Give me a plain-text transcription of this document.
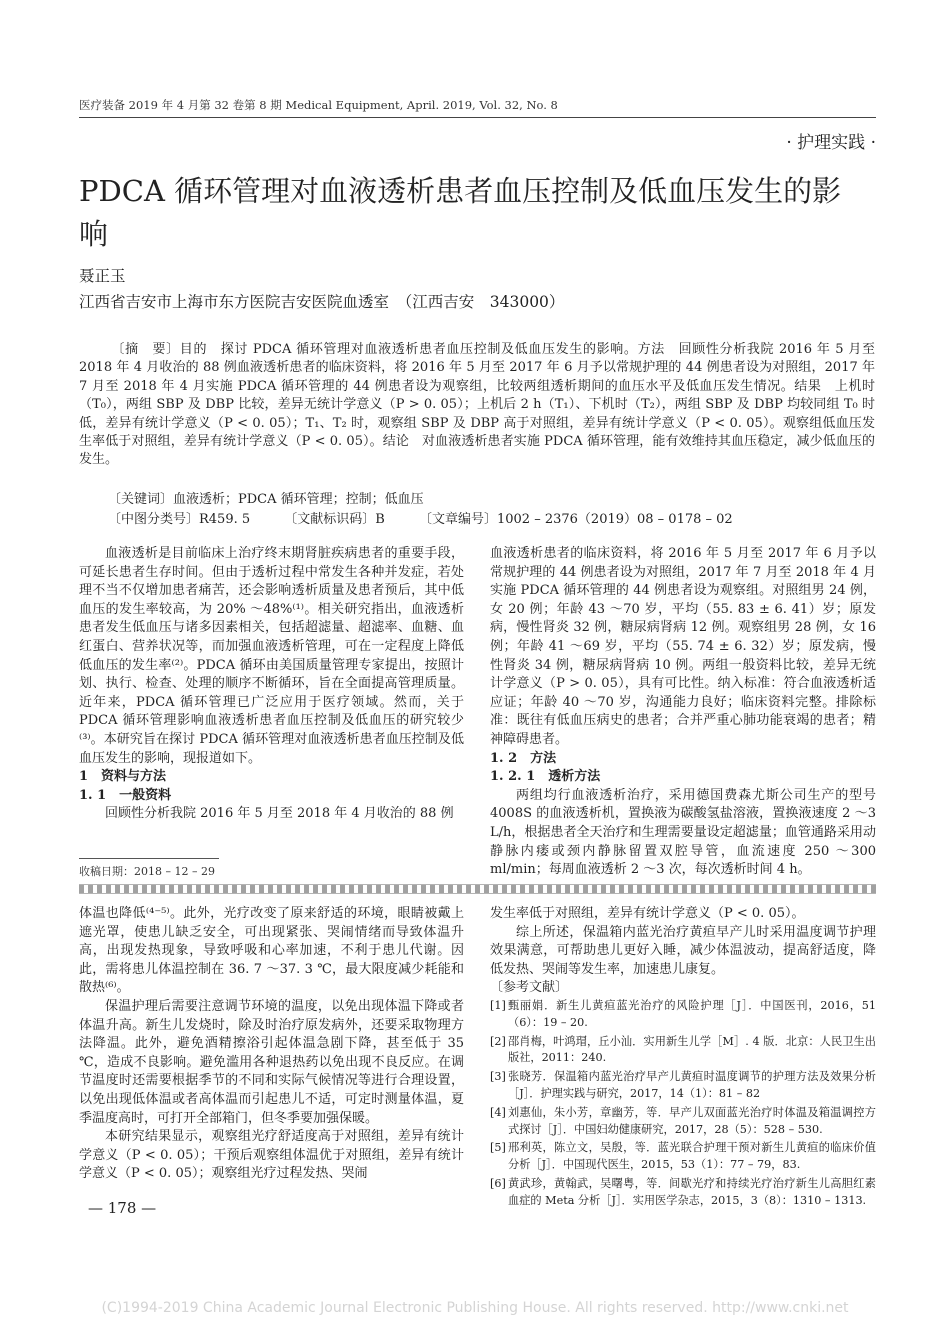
医疗装备 2019 年 4 月第 32 卷第 8 期 Medical Equipment, April. 2019, Vol. 32, No. 8
· 护理实践 ·
PDCA 循环管理对血液透析患者血压控制及低血压发生的影响
聂正玉
江西省吉安市上海市东方医院吉安医院血透室　（江西吉安　343000）

〔摘　要〕目的　探讨 PDCA 循环管理对血液透析患者血压控制及低血压发生的影响。方法　回顾性分析我院 2016 年 5 月至 2018 年 4 月收治的 88 例血液透析患者的临床资料，将 2016 年 5 月至 2017 年 6 月予以常规护理的 44 例患者设为对照组，2017 年 7 月至 2018 年 4 月实施 PDCA 循环管理的 44 例患者设为观察组，比较两组透析期间的血压水平及低血压发生情况。结果　上机时（T₀），两组 SBP 及 DBP 比较，差异无统计学意义（P > 0. 05）；上机后 2 h（T₁）、下机时（T₂），两组 SBP 及 DBP 均较同组 T₀ 时低，差异有统计学意义（P < 0. 05）；T₁、T₂ 时，观察组 SBP 及 DBP 高于对照组，差异有统计学意义（P < 0. 05）。观察组低血压发生率低于对照组，差异有统计学意义（P < 0. 05）。结论　对血液透析患者实施 PDCA 循环管理，能有效维持其血压稳定，减少低血压的发生。

〔关键词〕血液透析；PDCA 循环管理；控制；低血压
〔中图分类号〕R459. 5	〔文献标识码〕B	〔文章编号〕1002 – 2376（2019）08 – 0178 – 02

血液透析是目前临床上治疗终末期肾脏疾病患者的重要手段，可延长患者生存时间。但由于透析过程中常发生各种并发症，若处理不当不仅增加患者痛苦，还会影响透析质量及患者预后，其中低血压的发生率较高，为 20% ～48%⁽¹⁾。相关研究指出，血液透析患者发生低血压与诸多因素相关，包括超滤量、超滤率、血糖、血红蛋白、营养状况等，而加强血液透析管理，可在一定程度上降低低血压的发生率⁽²⁾。PDCA 循环由美国质量管理专家提出，按照计划、执行、检查、处理的顺序不断循环，旨在全面提高管理质量。近年来，PDCA 循环管理已广泛应用于医疗领域。然而，关于 PDCA 循环管理影响血液透析患者血压控制及低血压的研究较少⁽³⁾。本研究旨在探讨 PDCA 循环管理对血液透析患者血压控制及低血压发生的影响，现报道如下。

1　资料与方法

1. 1　一般资料

回顾性分析我院 2016 年 5 月至 2018 年 4 月收治的 88 例

血液透析患者的临床资料，将 2016 年 5 月至 2017 年 6 月予以常规护理的 44 例患者设为对照组，2017 年 7 月至 2018 年 4 月实施 PDCA 循环管理的 44 例患者设为观察组。对照组男 24 例，女 20 例；年龄 43 ～70 岁，平均（55. 83 ± 6. 41）岁；原发病，慢性肾炎 32 例，糖尿病肾病 12 例。观察组男 28 例，女 16 例；年龄 41 ～69 岁，平均（55. 74 ± 6. 32）岁；原发病，慢性肾炎 34 例，糖尿病肾病 10 例。两组一般资料比较，差异无统计学意义（P > 0. 05），具有可比性。纳入标准：符合血液透析适应证；年龄 40 ～70 岁，沟通能力良好；临床资料完整。排除标准：既往有低血压病史的患者；合并严重心肺功能衰竭的患者；精神障碍患者。

1. 2　方法

1. 2. 1　透析方法

两组均行血液透析治疗，采用德国费森尤斯公司生产的型号 4008S 的血液透析机，置换液为碳酸氢盐溶液，置换液速度 2 ～3 L/h，根据患者全天治疗和生理需要量设定超滤量；血管通路采用动静脉内瘘或颈内静脉留置双腔导管，血流速度 250 ～300 ml/min；每周血液透析 2 ～3 次，每次透析时间 4 h。

收稿日期：2018 – 12 – 29

体温也降低⁽⁴⁻⁵⁾。此外，光疗改变了原来舒适的环境，眼睛被戴上遮光罩，使患儿缺乏安全，可出现紧张、哭闹情绪而导致体温升高，出现发热现象，导致呼吸和心率加速，不利于患儿代谢。因此，需将患儿体温控制在 36. 7 ～37. 3 ℃，最大限度减少耗能和散热⁽⁶⁾。

保温护理后需要注意调节环境的温度，以免出现体温下降或者体温升高。新生儿发烧时，除及时治疗原发病外，还要采取物理方法降温。此外，避免酒精擦浴引起体温急剧下降，甚至低于 35 ℃，造成不良影响。避免滥用各种退热药以免出现不良反应。在调节温度时还需要根据季节的不同和实际气候情况等进行合理设置，以免出现低体温或者高体温而引起患儿不适，可定时测量体温，夏季温度高时，可打开全部箱门，但冬季要加强保暖。

本研究结果显示，观察组光疗舒适度高于对照组，差异有统计学意义（P < 0. 05）；干预后观察组体温优于对照组，差异有统计学意义（P < 0. 05）；观察组光疗过程发热、哭闹

发生率低于对照组，差异有统计学意义（P < 0. 05）。

综上所述，保温箱内蓝光治疗黄疸早产儿时采用温度调节护理效果满意，可帮助患儿更好入睡，减少体温波动，提高舒适度，降低发热、哭闹等发生率，加速患儿康复。

〔参考文献〕

[1] 甄丽娟．新生儿黄疸蓝光治疗的风险护理［J］．中国医刊，2016，51（6）：19 – 20.
[2] 邵肖梅，叶鸿瑁，丘小汕．实用新生儿学［M］. 4 版．北京：人民卫生出版社，2011：240.
[3] 张晓芳．保温箱内蓝光治疗早产儿黄疸时温度调节的护理方法及效果分析［J］．护理实践与研究，2017，14（1）：81 – 82
[4] 刘惠仙，朱小芳，章幽芳，等．早产儿双面蓝光治疗时体温及箱温调控方式探讨［J］．中国妇幼健康研究，2017，28（5）：528 – 530.
[5] 邢利英，陈立文，吴殷，等．蓝光联合护理干预对新生儿黄疸的临床价值分析［J］．中国现代医生，2015，53（1）：77 – 79，83.
[6] 黄武珍，黄翰武，吴曙粤，等．间歇光疗和持续光疗治疗新生儿高胆红素血症的 Meta 分析［J］．实用医学杂志，2015，3（8）：1310 – 1313.
— 178 —
(C)1994-2019 China Academic Journal Electronic Publishing House. All rights reserved. http://www.cnki.net
